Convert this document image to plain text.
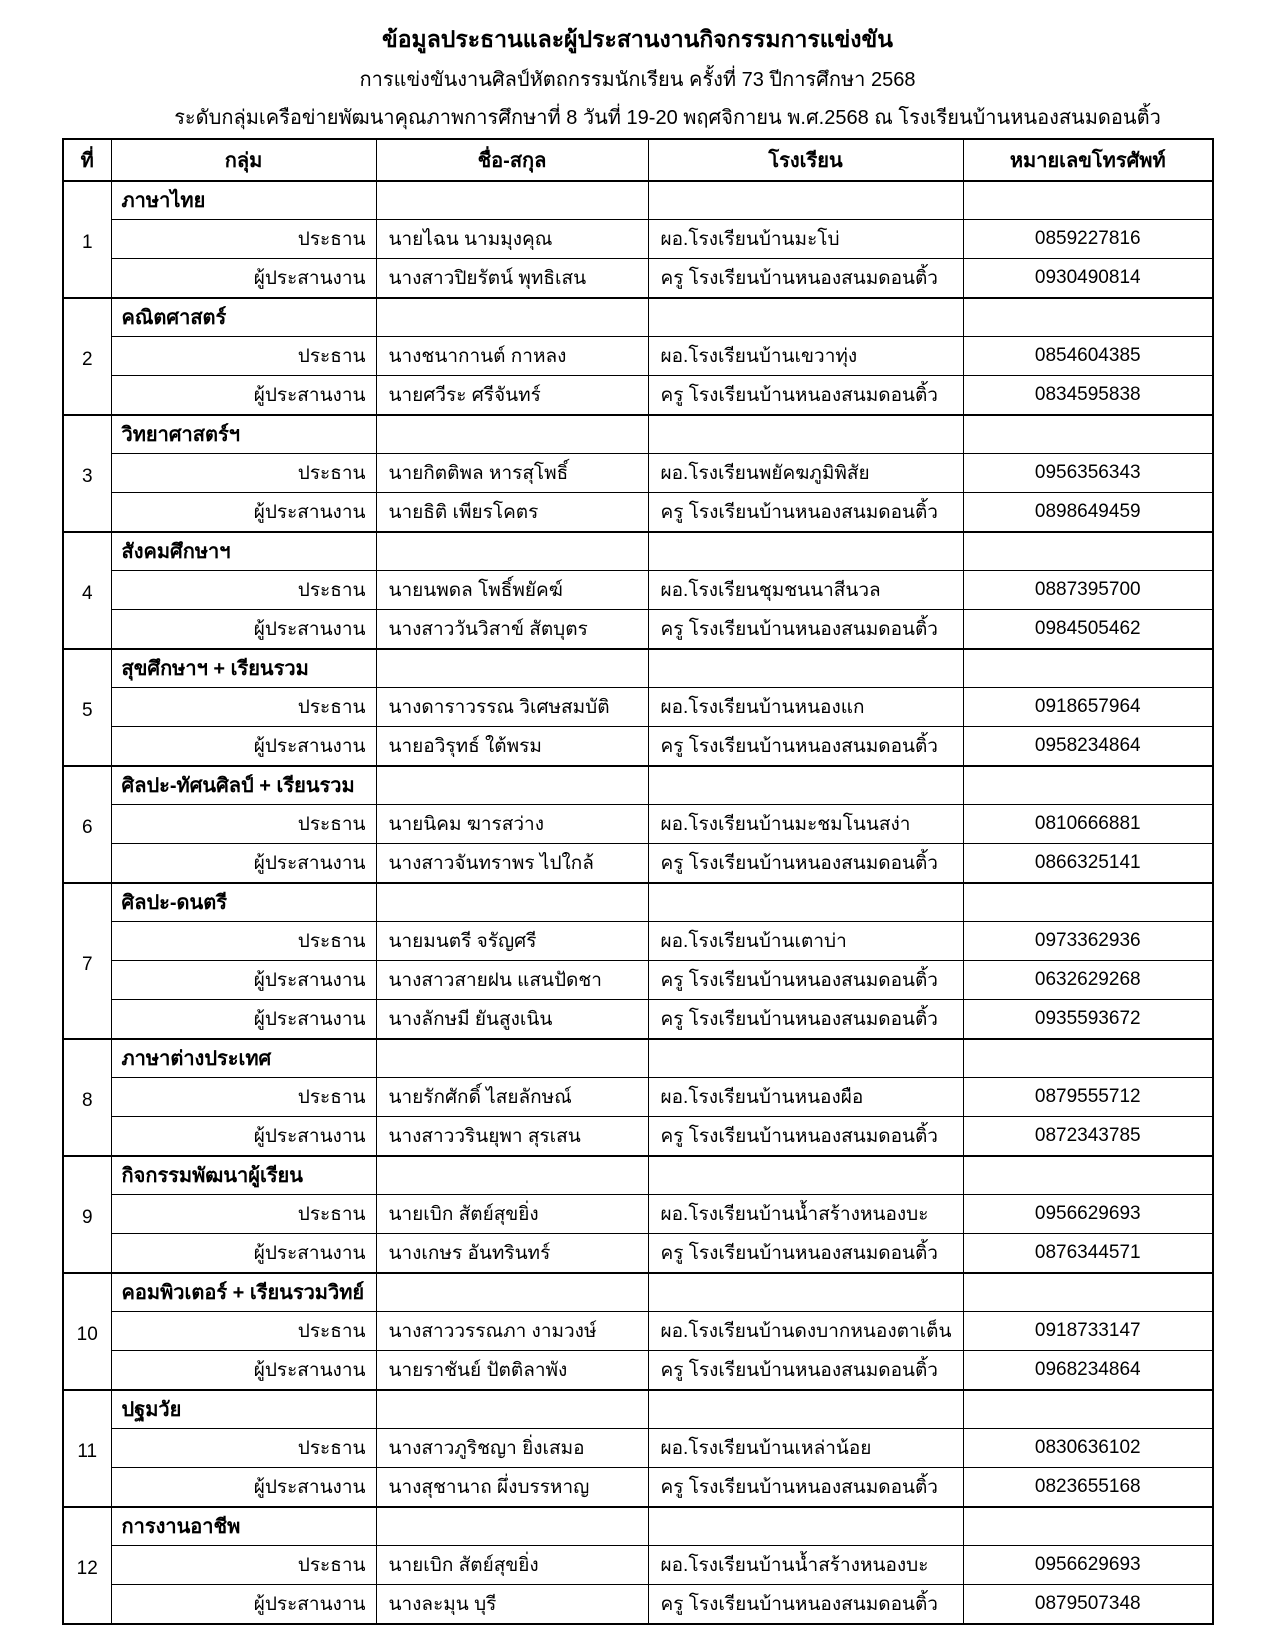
ข้อมูลประธานและผู้ประสานงานกิจกรรมการแข่งขัน
การแข่งขันงานศิลป์หัตถกรรมนักเรียน ครั้งที่ 73 ปีการศึกษา 2568
ระดับกลุ่มเครือข่ายพัฒนาคุณภาพการศึกษาที่ 8 วันที่ 19-20 พฤศจิกายน พ.ศ.2568 ณ โรงเรียนบ้านหนองสนมดอนติ้ว
ที่	กลุ่ม	ชื่อ-สกุล	โรงเรียน	หมายเลขโทรศัพท์
1	ภาษาไทย			
	ประธาน	นายไฉน นามมุงคุณ	ผอ.โรงเรียนบ้านมะโบ่	0859227816
	ผู้ประสานงาน	นางสาวปิยรัตน์ พุทธิเสน	ครู โรงเรียนบ้านหนองสนมดอนติ้ว	0930490814
2	คณิตศาสตร์			
	ประธาน	นางชนากานต์ กาหลง	ผอ.โรงเรียนบ้านเขวาทุ่ง	0854604385
	ผู้ประสานงาน	นายศวีระ ศรีจันทร์	ครู โรงเรียนบ้านหนองสนมดอนติ้ว	0834595838
3	วิทยาศาสตร์ฯ			
	ประธาน	นายกิตติพล หารสุโพธิ์	ผอ.โรงเรียนพยัคฆภูมิพิสัย	0956356343
	ผู้ประสานงาน	นายธิติ เพียรโคตร	ครู โรงเรียนบ้านหนองสนมดอนติ้ว	0898649459
4	สังคมศึกษาฯ			
	ประธาน	นายนพดล โพธิ์พยัคฆ์	ผอ.โรงเรียนชุมชนนาสีนวล	0887395700
	ผู้ประสานงาน	นางสาววันวิสาข์ สัตบุตร	ครู โรงเรียนบ้านหนองสนมดอนติ้ว	0984505462
5	สุขศึกษาฯ + เรียนรวม			
	ประธาน	นางดาราวรรณ วิเศษสมบัติ	ผอ.โรงเรียนบ้านหนองแก	0918657964
	ผู้ประสานงาน	นายอวิรุทธ์ ใต้พรม	ครู โรงเรียนบ้านหนองสนมดอนติ้ว	0958234864
6	ศิลปะ-ทัศนศิลป์ + เรียนรวม			
	ประธาน	นายนิคม ฆารสว่าง	ผอ.โรงเรียนบ้านมะชมโนนสง่า	0810666881
	ผู้ประสานงาน	นางสาวจันทราพร ไปใกล้	ครู โรงเรียนบ้านหนองสนมดอนติ้ว	0866325141
7	ศิลปะ-ดนตรี			
	ประธาน	นายมนตรี จรัญศรี	ผอ.โรงเรียนบ้านเตาบ่า	0973362936
	ผู้ประสานงาน	นางสาวสายฝน แสนปัดชา	ครู โรงเรียนบ้านหนองสนมดอนติ้ว	0632629268
	ผู้ประสานงาน	นางลักษมี ยันสูงเนิน	ครู โรงเรียนบ้านหนองสนมดอนติ้ว	0935593672
8	ภาษาต่างประเทศ			
	ประธาน	นายรักศักดิ์ ไสยลักษณ์	ผอ.โรงเรียนบ้านหนองผือ	0879555712
	ผู้ประสานงาน	นางสาววรินยุพา สุรเสน	ครู โรงเรียนบ้านหนองสนมดอนติ้ว	0872343785
9	กิจกรรมพัฒนาผู้เรียน			
	ประธาน	นายเบิก สัตย์สุขยิ่ง	ผอ.โรงเรียนบ้านน้ำสร้างหนองบะ	0956629693
	ผู้ประสานงาน	นางเกษร อันทรินทร์	ครู โรงเรียนบ้านหนองสนมดอนติ้ว	0876344571
10	คอมพิวเตอร์ + เรียนรวมวิทย์			
	ประธาน	นางสาววรรณภา งามวงษ์	ผอ.โรงเรียนบ้านดงบากหนองตาเต็น	0918733147
	ผู้ประสานงาน	นายราชันย์ ปัตติลาพัง	ครู โรงเรียนบ้านหนองสนมดอนติ้ว	0968234864
11	ปฐมวัย			
	ประธาน	นางสาวภูริชญา ยิ่งเสมอ	ผอ.โรงเรียนบ้านเหล่าน้อย	0830636102
	ผู้ประสานงาน	นางสุชานาถ ผึ่งบรรหาญ	ครู โรงเรียนบ้านหนองสนมดอนติ้ว	0823655168
12	การงานอาชีพ			
	ประธาน	นายเบิก สัตย์สุขยิ่ง	ผอ.โรงเรียนบ้านน้ำสร้างหนองบะ	0956629693
	ผู้ประสานงาน	นางละมุน บุรี	ครู โรงเรียนบ้านหนองสนมดอนติ้ว	0879507348
